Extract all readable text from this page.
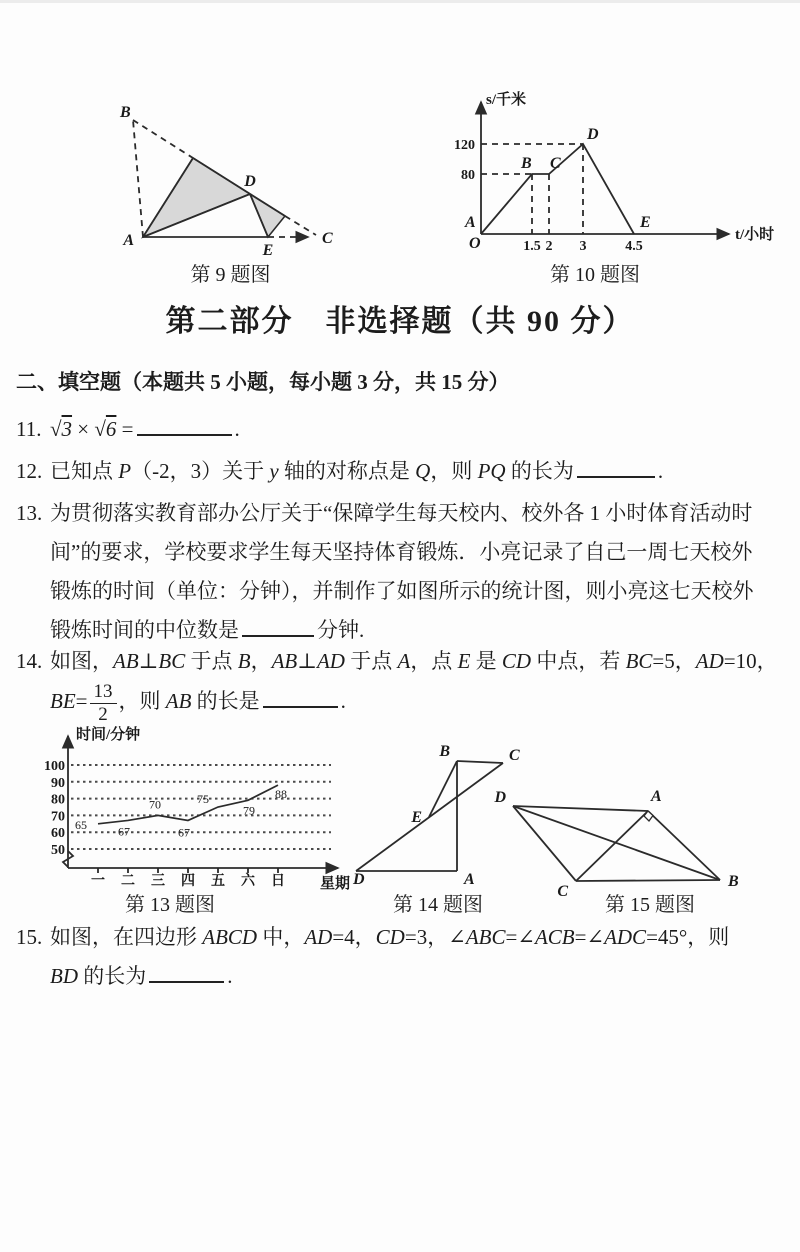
B
A
D
E
C
第 9 题图
A
B C
D
E
O	1.5 2 3	4.5
80
120
s/千米
t/小时
第 10 题图
第二部分　非选择题（共 90 分）
二、填空题（本题共 5 小题，每小题 3 分，共 15 分）
11. √3 × √6 =	.
12. 已知点 P（-2，3）关于 y 轴的对称点是 Q，则 PQ 的长为	.
13. 为贯彻落实教育部办公厅关于“保障学生每天校内、校外各 1 小时体育活动时
间”的要求，学校要求学生每天坚持体育锻炼．小亮记录了自己一周七天校外
锻炼的时间（单位：分钟），并制作了如图所示的统计图，则小亮这七天校外
锻炼时间的中位数是	分钟.
14. 如图，AB⊥BC 于点 B，AB⊥AD 于点 A，点 E 是 CD 中点，若 BC=5，AD=10，
$BE= \frac{13}{2}$ ，则 AB 的长是	.
15. 如图，在四边形 ABCD 中，AD=4，CD=3，∠ABC=∠ACB=∠ADC=45°，则
BD 的长为	.
50
60
70
80
90
100
一 二 三 四 五 六 日
65	67
70
67
75
79
88
时间/分钟
星期
第 13 题图
B	C
E
D	A
第 14 题图
D	A
C
B
第 15 题图
